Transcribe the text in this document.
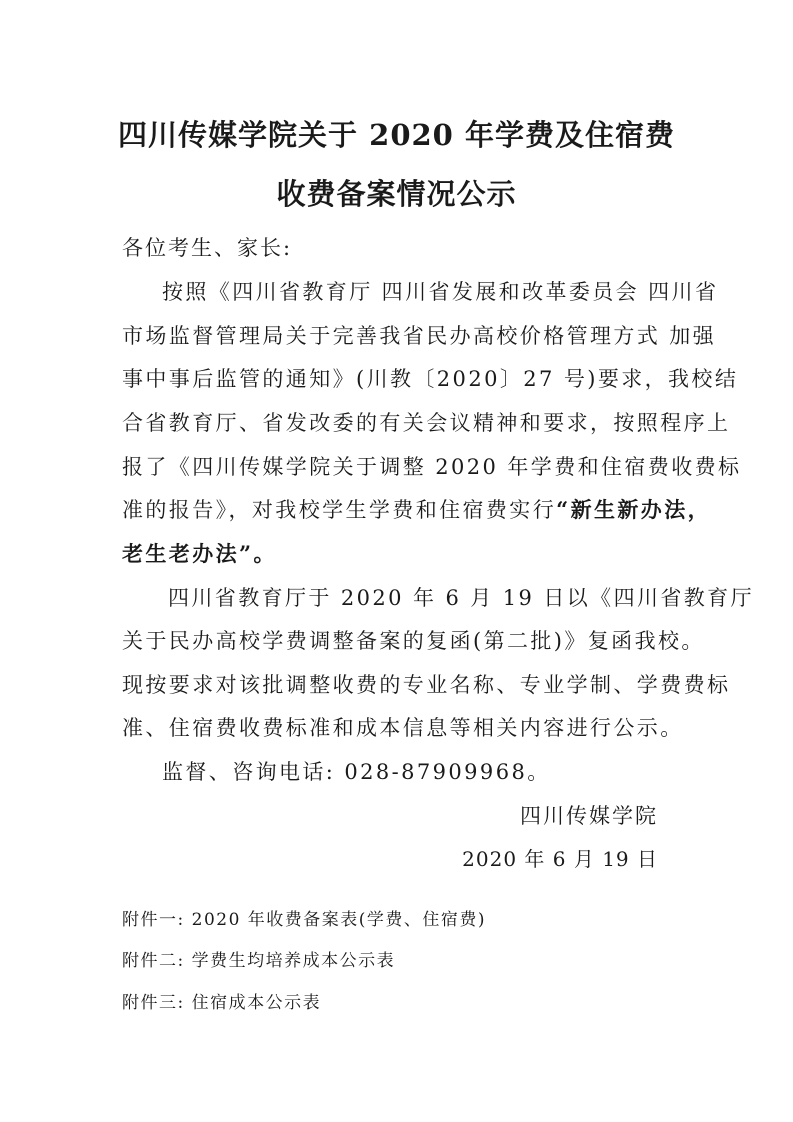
四川传媒学院关于 2020 年学费及住宿费
收费备案情况公示
各位考生、家长:
按照《四川省教育厅 四川省发展和改革委员会 四川省
市场监督管理局关于完善我省民办高校价格管理方式 加强
事中事后监管的通知》(川教〔2020〕27 号)要求，我校结
合省教育厅、省发改委的有关会议精神和要求，按照程序上
报了《四川传媒学院关于调整 2020 年学费和住宿费收费标
准的报告》，对我校学生学费和住宿费实行“新生新办法，
老生老办法”。
四川省教育厅于 2020 年 6 月 19 日以《四川省教育厅
关于民办高校学费调整备案的复函(第二批)》复函我校。
现按要求对该批调整收费的专业名称、专业学制、学费费标
准、住宿费收费标准和成本信息等相关内容进行公示。
监督、咨询电话: 028-87909968。
四川传媒学院
2020 年 6 月 19 日
附件一: 2020 年收费备案表(学费、住宿费)
附件二: 学费生均培养成本公示表
附件三: 住宿成本公示表
